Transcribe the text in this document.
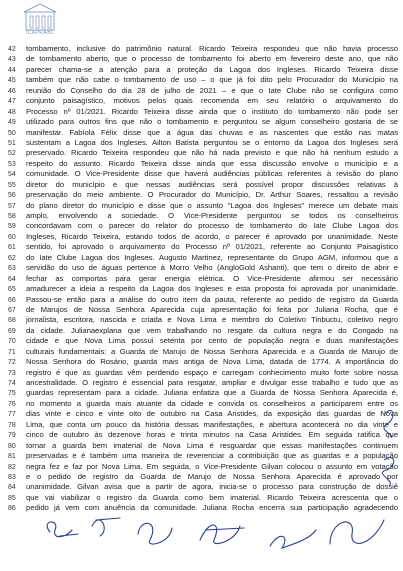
ICAPRABL
42	tombamento, inclusive do patrimônio natural. Ricardo Teixeira respondeu que não havia processo
43	de tombamento aberto, que o processo de tombamento foi aberto em fevereiro deste ano, que não
44	parecer chama-se a atenção para a proteção da Lagoa dos Ingleses. Ricardo Teixeira disse
45	também que não cabe o tombamento de uso – o que já foi dito pelo Procurador do Município na
46	reunião do Conselho do dia 28 de julho de 2021 – e que o Iate Clube não se configura como
47	conjunto paisagístico, motivos pelos quais recomenda em seu relatório o arquivamento do
48	Processo nº 01/2021. Ricardo Teixeira disse ainda que o instituto do tombamento não pode ser
49	utilizado para outros fins que não o tombamento e perguntou se algum conselheiro gostaria de se
50	manifestar. Fabíola Félix disse que a água das chuvas e as nascentes que estão nas matas
51	sustentam a Lagoa dos Ingleses. Ailton Batista perguntou se o entorno da Lagoa dos Ingleses será
52	preservado. Ricardo Teixeira respondeu que não há nada previsto e que não há nenhum estudo a
53	respeito do assunto. Ricardo Teixeira disse ainda que essa discussão envolve o município e a
54	comunidade. O Vice-Presidente disse que haverá audiências públicas referentes à revisão do plano
55	diretor do município e que nessas audiências será possível propor discussões relativas à
56	preservação do meio ambiente. O Procurador do Município, Dr. Arthur Soares, ressaltou a revisão
57	do plano diretor do município e disse que o assunto "Lagoa dos Ingleses" merece um debate mais
58	amplo, envolvendo a sociedade. O Vice-Presidente perguntou se todos os conselheiros
59	concordavam com o parecer do relator do processo de tombamento do Iate Clube Lagoa dos
60	Ingleses, Ricardo Teixeira, estando todos de acordo, o parecer é aprovado por unanimidade. Neste
61	sentido, foi aprovado o arquivamento do Processo nº 01/2021, referente ao Conjunto Paisagístico
62	do Iate Clube Lagoa dos Ingleses. Augusto Martinez, representante do Grupo AGM, informou que a
63	servidão do uso de águas pertence à Morro Velho (AngloGold Ashanti), que tem o direito de abrir e
64	fechar as comportas para gerar energia elétrica. O Vice-Presidente afirmou ser necessário
65	amadurecer a ideia a respeito da Lagoa dos Ingleses e esta proposta foi aprovada por unanimidade.
66	Passou-se então para a análise do outro item da pauta, referente ao pedido de registro da Guarda
67	de Marujos de Nossa Senhora Aparecida cuja apresentação foi feita por Juliana Rocha, que é
68	jornalista, escritora, nascida e criada e Nova Lima e membro do Coletivo Tinbuctu, coletivo negro
69	da cidade. Julianaexplana que vem trabalhando no resgate da cultura negra e do Congado na
70	cidade e que Nova Lima possui setenta por cento de população negra e duas manifestações
71	culturais fundamentais: a Guarda de Marujo de Nossa Senhora Aparecida e a Guarda de Marujo de
72	Nossa Senhora do Rosário, guarda mais antiga de Nova Lima, datada de 1774. A importância do
73	registro é que as guardas vêm perdendo espaço e carregam conhecimento muito forte sobre nossa
74	ancestralidade. O registro é essencial para resgatar, ampliar e divulgar esse trabalho e tudo que as
75	guardas representam para a cidade. Juliana enfatiza que a Guarda de Nossa Senhora Aparecida é,
76	no momento a guarda mais atuante da cidade e convida os conselheiros a participarem entre os
77	dias vinte e cinco e vinte oito de outubro na Casa Aristides, da exposição das guardas de Nova
78	Lima, que conta um pouco da história dessas manifestações, e abertura acontecerá no dia vinte e
79	cinco de outubro às dezenove horas e trinta minutos na Casa Aristides. Em seguida ratifica que
80	tornar a guarda bem imaterial de Nova Lima é resguardar que essas manifestações continuem
81	preservadas e é também uma maneira de reverenciar a contribuição que as guardas e a população
82	negra fez e faz por Nova Lima. Em seguida, o Vice-Presidente Gilvan colocou o assunto em votação
83	e o pedido de registro da Guarda de Marujo de Nossa Senhora Aparecida é aprovado por
84	unanimidade. Gilvan avisa que a partir de agora, inicia-se o processo para construção de dossiê
85	que vai viabilizar o registro da Guarda como bem imaterial. Ricardo Teixeira acrescenta que o
86	pedido já vem com anuência da comunidade. Juliana Rocha encerra sua participação agradecendo
